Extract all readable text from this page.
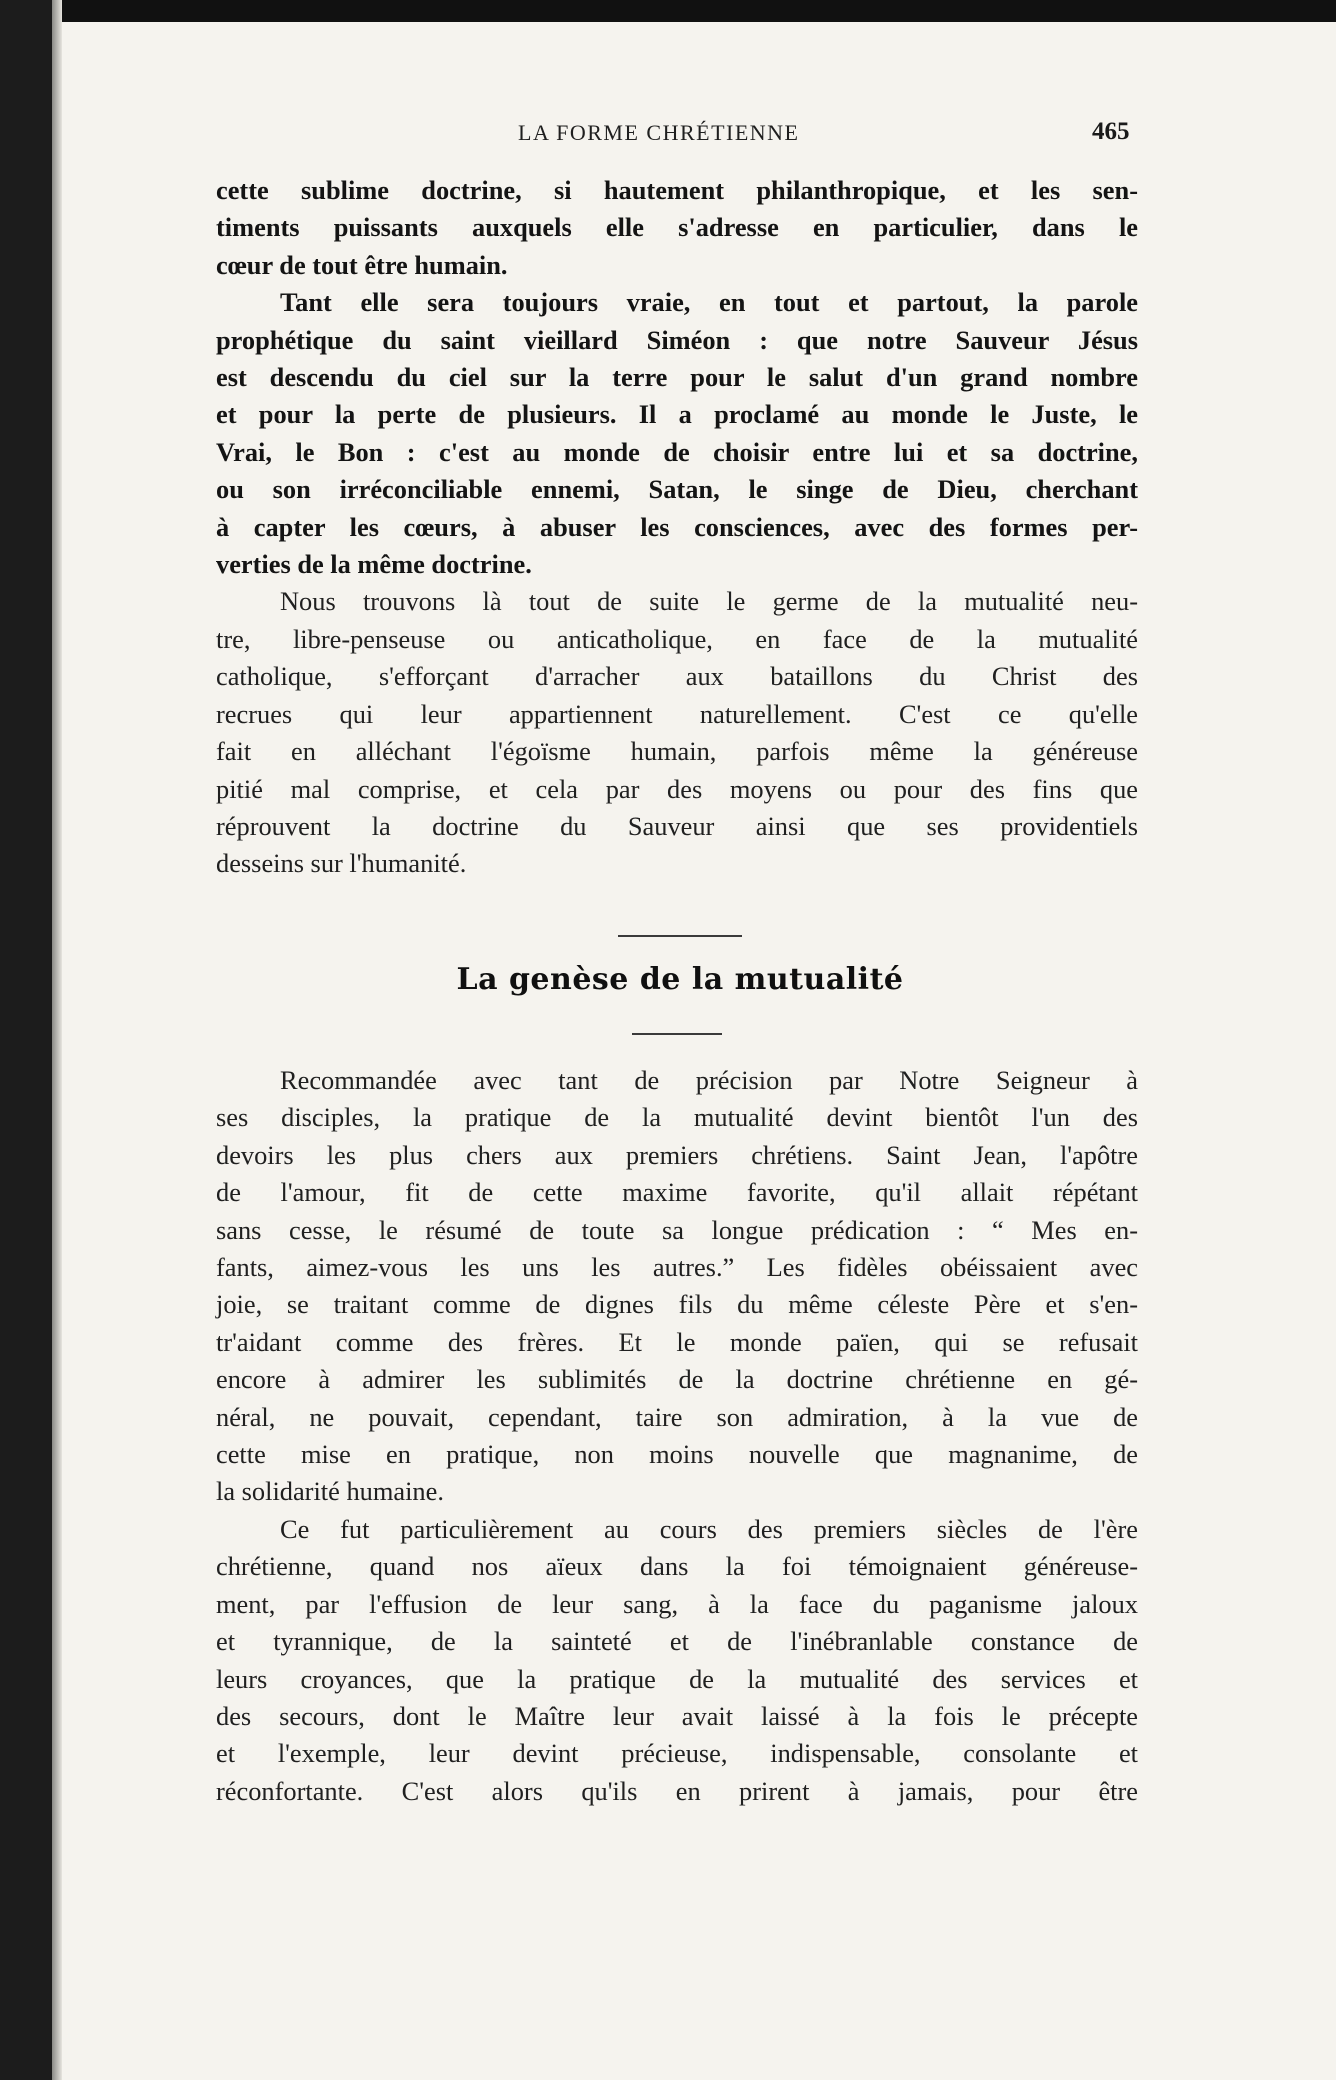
LA FORME CHRÉTIENNE	465

cette sublime doctrine, si hautement philanthropique, et les sen-

timents puissants auxquels elle s'adresse en particulier, dans le

cœur de tout être humain.

Tant elle sera toujours vraie, en tout et partout, la parole

prophétique du saint vieillard Siméon : que notre Sauveur Jésus

est descendu du ciel sur la terre pour le salut d'un grand nombre

et pour la perte de plusieurs. Il a proclamé au monde le Juste, le

Vrai, le Bon : c'est au monde de choisir entre lui et sa doctrine,

ou son irréconciliable ennemi, Satan, le singe de Dieu, cherchant

à capter les cœurs, à abuser les consciences, avec des formes per-

verties de la même doctrine.

Nous trouvons là tout de suite le germe de la mutualité neu-

tre, libre-penseuse ou anticatholique, en face de la mutualité

catholique, s'efforçant d'arracher aux bataillons du Christ des

recrues qui leur appartiennent naturellement. C'est ce qu'elle

fait en alléchant l'égoïsme humain, parfois même la généreuse

pitié mal comprise, et cela par des moyens ou pour des fins que

réprouvent la doctrine du Sauveur ainsi que ses providentiels

desseins sur l'humanité.

La genèse de la mutualité

Recommandée avec tant de précision par Notre Seigneur à

ses disciples, la pratique de la mutualité devint bientôt l'un des

devoirs les plus chers aux premiers chrétiens. Saint Jean, l'apôtre

de l'amour, fit de cette maxime favorite, qu'il allait répétant

sans cesse, le résumé de toute sa longue prédication : “ Mes en-

fants, aimez-vous les uns les autres.” Les fidèles obéissaient avec

joie, se traitant comme de dignes fils du même céleste Père et s'en-

tr'aidant comme des frères. Et le monde païen, qui se refusait

encore à admirer les sublimités de la doctrine chrétienne en gé-

néral, ne pouvait, cependant, taire son admiration, à la vue de

cette mise en pratique, non moins nouvelle que magnanime, de

la solidarité humaine.

Ce fut particulièrement au cours des premiers siècles de l'ère

chrétienne, quand nos aïeux dans la foi témoignaient généreuse-

ment, par l'effusion de leur sang, à la face du paganisme jaloux

et tyrannique, de la sainteté et de l'inébranlable constance de

leurs croyances, que la pratique de la mutualité des services et

des secours, dont le Maître leur avait laissé à la fois le précepte

et l'exemple, leur devint précieuse, indispensable, consolante et

réconfortante. C'est alors qu'ils en prirent à jamais, pour être
